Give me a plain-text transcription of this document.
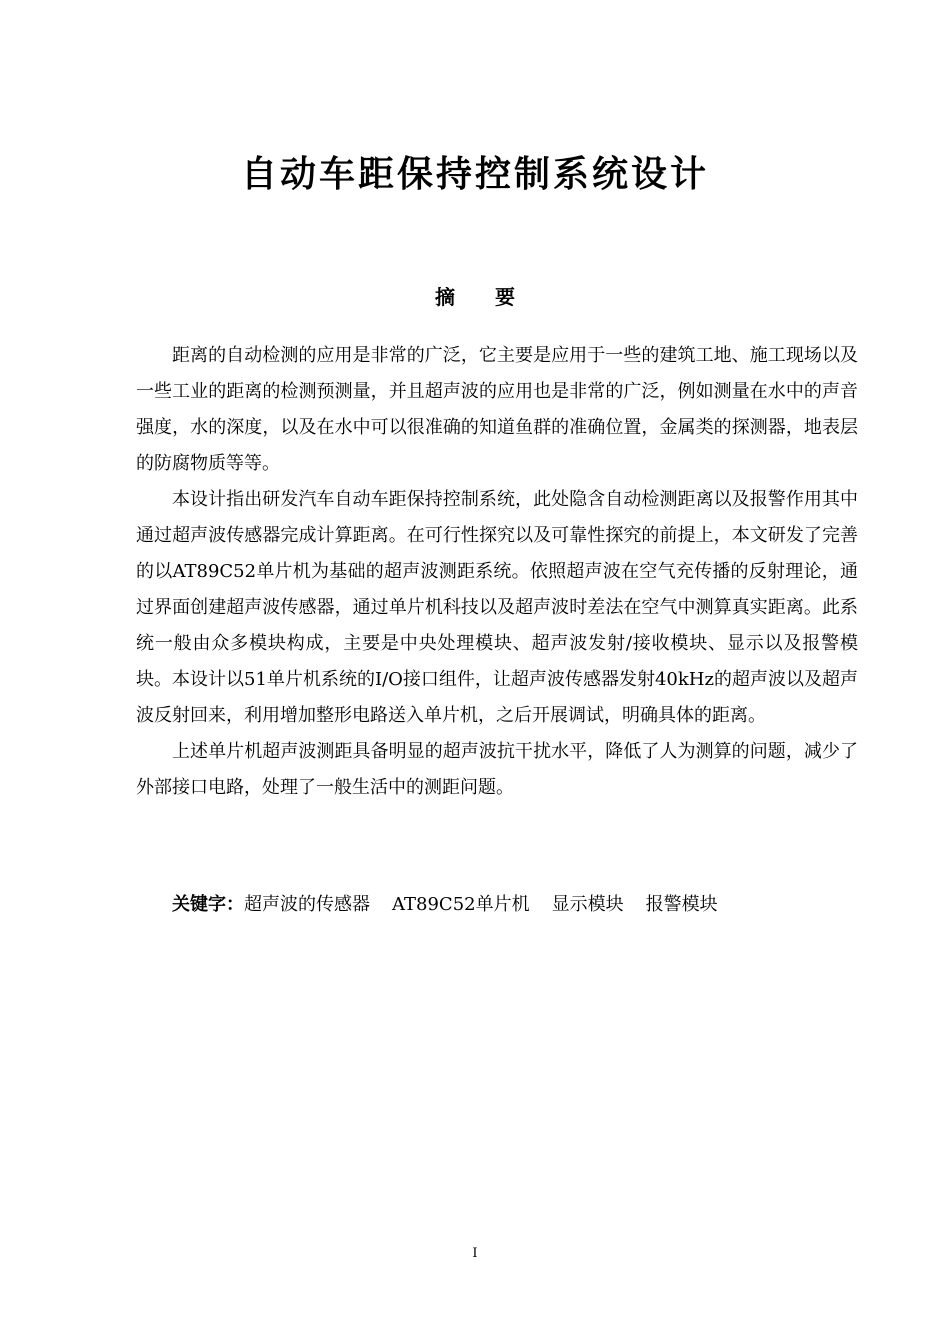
自动车距保持控制系统设计
摘 要

距离的自动检测的应用是非常的广泛，它主要是应用于一些的建筑工地、施工现场以及一些工业的距离的检测预测量，并且超声波的应用也是非常的广泛，例如测量在水中的声音强度，水的深度，以及在水中可以很准确的知道鱼群的准确位置，金属类的探测器，地表层的防腐物质等等。

本设计指出研发汽车自动车距保持控制系统，此处隐含自动检测距离以及报警作用其中通过超声波传感器完成计算距离。在可行性探究以及可靠性探究的前提上，本文研发了完善的以AT89C52单片机为基础的超声波测距系统。依照超声波在空气充传播的反射理论，通过界面创建超声波传感器，通过单片机科技以及超声波时差法在空气中测算真实距离。此系统一般由众多模块构成，主要是中央处理模块、超声波发射/接收模块、显示以及报警模块。本设计以51单片机系统的I/O接口组件，让超声波传感器发射40kHz的超声波以及超声波反射回来，利用增加整形电路送入单片机，之后开展调试，明确具体的距离。

上述单片机超声波测距具备明显的超声波抗干扰水平，降低了人为测算的问题，减少了外部接口电路，处理了一般生活中的测距问题。

关键字：超声波的传感器 AT89C52单片机 显示模块 报警模块
I
